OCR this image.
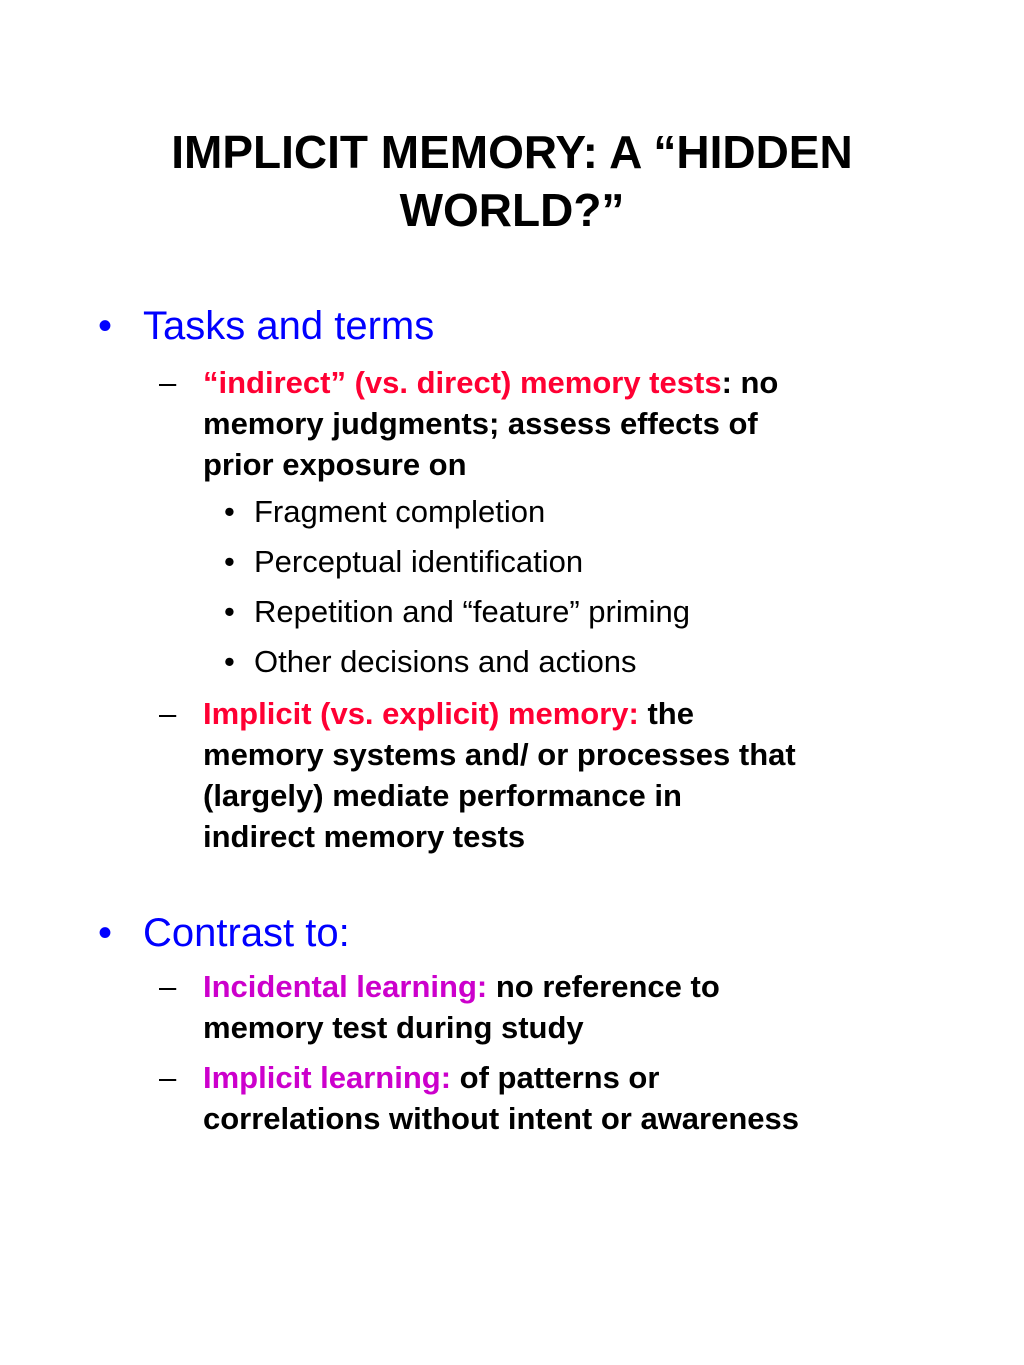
IMPLICIT MEMORY: A “HIDDEN
WORLD?”
• Tasks and terms
– “indirect” (vs. direct) memory tests: no
memory judgments; assess effects of
prior exposure on
• Fragment completion
• Perceptual identification
• Repetition and “feature” priming
• Other decisions and actions
– Implicit (vs. explicit) memory: the
memory systems and/ or processes that
(largely) mediate performance in
indirect memory tests
• Contrast to:
– Incidental learning: no reference to
memory test during study
– Implicit learning: of patterns or
correlations without intent or awareness
